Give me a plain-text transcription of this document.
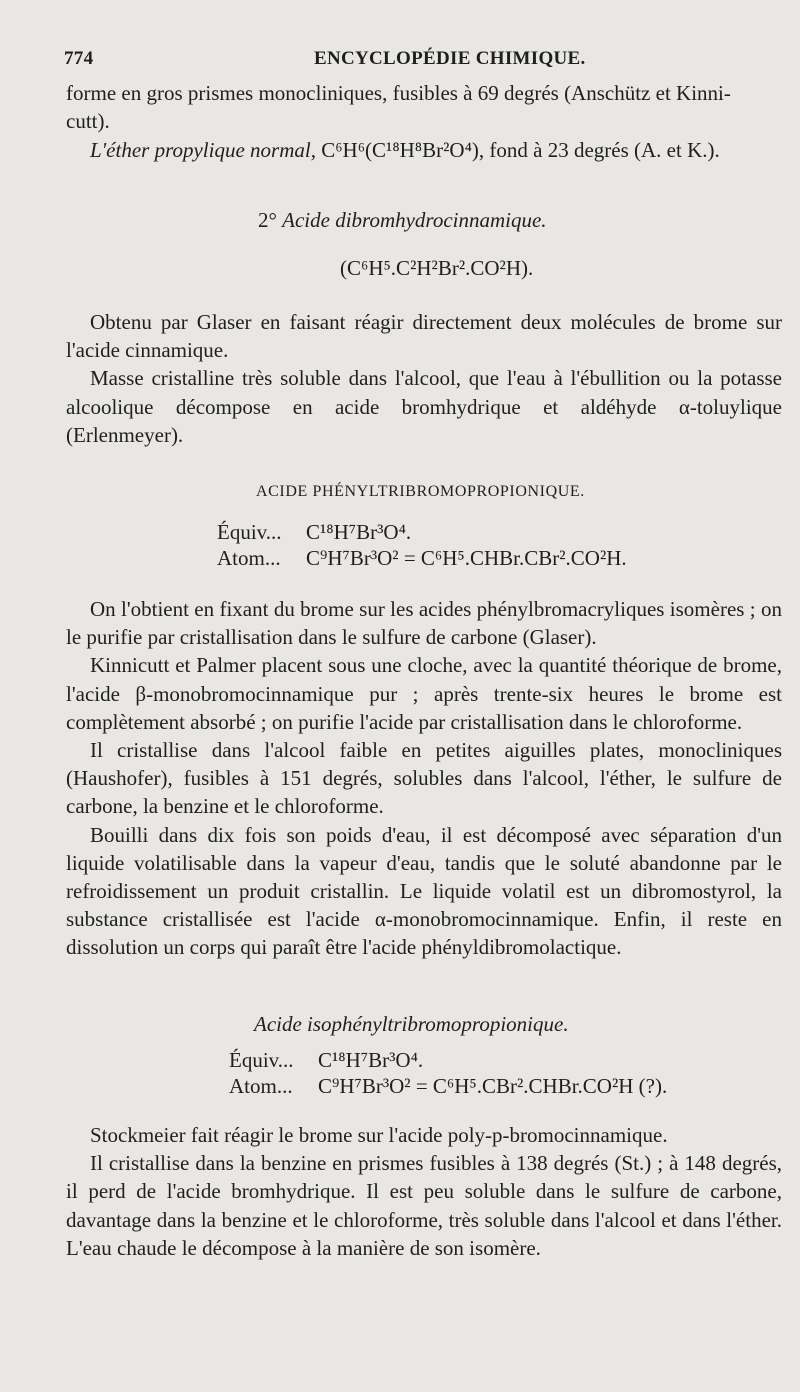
774	ENCYCLOPÉDIE CHIMIQUE.
forme en gros prismes monocliniques, fusibles à 69 degrés (Anschütz et Kinni-
cutt).
L'éther propylique normal, C⁶H⁶(C¹⁸H⁸Br²O⁴), fond à 23 degrés (A. et K.).
2° Acide dibromhydrocinnamique.
(C⁶H⁵.C²H²Br².CO²H).

Obtenu par Glaser en faisant réagir directement deux molécules de brome sur l'acide cinnamique.

Masse cristalline très soluble dans l'alcool, que l'eau à l'ébullition ou la potasse alcoolique décompose en acide bromhydrique et aldéhyde α-toluylique (Erlenmeyer).

ACIDE PHÉNYLTRIBROMOPROPIONIQUE.
Équiv... C¹⁸H⁷Br³O⁴.
Atom... C⁹H⁷Br³O² = C⁶H⁵.CHBr.CBr².CO²H.

On l'obtient en fixant du brome sur les acides phénylbromacryliques isomères ; on le purifie par cristallisation dans le sulfure de carbone (Glaser).

Kinnicutt et Palmer placent sous une cloche, avec la quantité théorique de brome, l'acide β-monobromocinnamique pur ; après trente-six heures le brome est complètement absorbé ; on purifie l'acide par cristallisation dans le chloroforme.

Il cristallise dans l'alcool faible en petites aiguilles plates, monocliniques (Haushofer), fusibles à 151 degrés, solubles dans l'alcool, l'éther, le sulfure de carbone, la benzine et le chloroforme.

Bouilli dans dix fois son poids d'eau, il est décomposé avec séparation d'un liquide volatilisable dans la vapeur d'eau, tandis que le soluté abandonne par le refroidissement un produit cristallin. Le liquide volatil est un dibromostyrol, la substance cristallisée est l'acide α-monobromocinnamique. Enfin, il reste en dissolution un corps qui paraît être l'acide phényldibromolactique.

Acide isophényltribromopropionique.
Équiv... C¹⁸H⁷Br³O⁴.
Atom... C⁹H⁷Br³O² = C⁶H⁵.CBr².CHBr.CO²H (?).

Stockmeier fait réagir le brome sur l'acide poly-p-bromocinnamique.

Il cristallise dans la benzine en prismes fusibles à 138 degrés (St.) ; à 148 degrés, il perd de l'acide bromhydrique. Il est peu soluble dans le sulfure de carbone, davantage dans la benzine et le chloroforme, très soluble dans l'alcool et dans l'éther. L'eau chaude le décompose à la manière de son isomère.
